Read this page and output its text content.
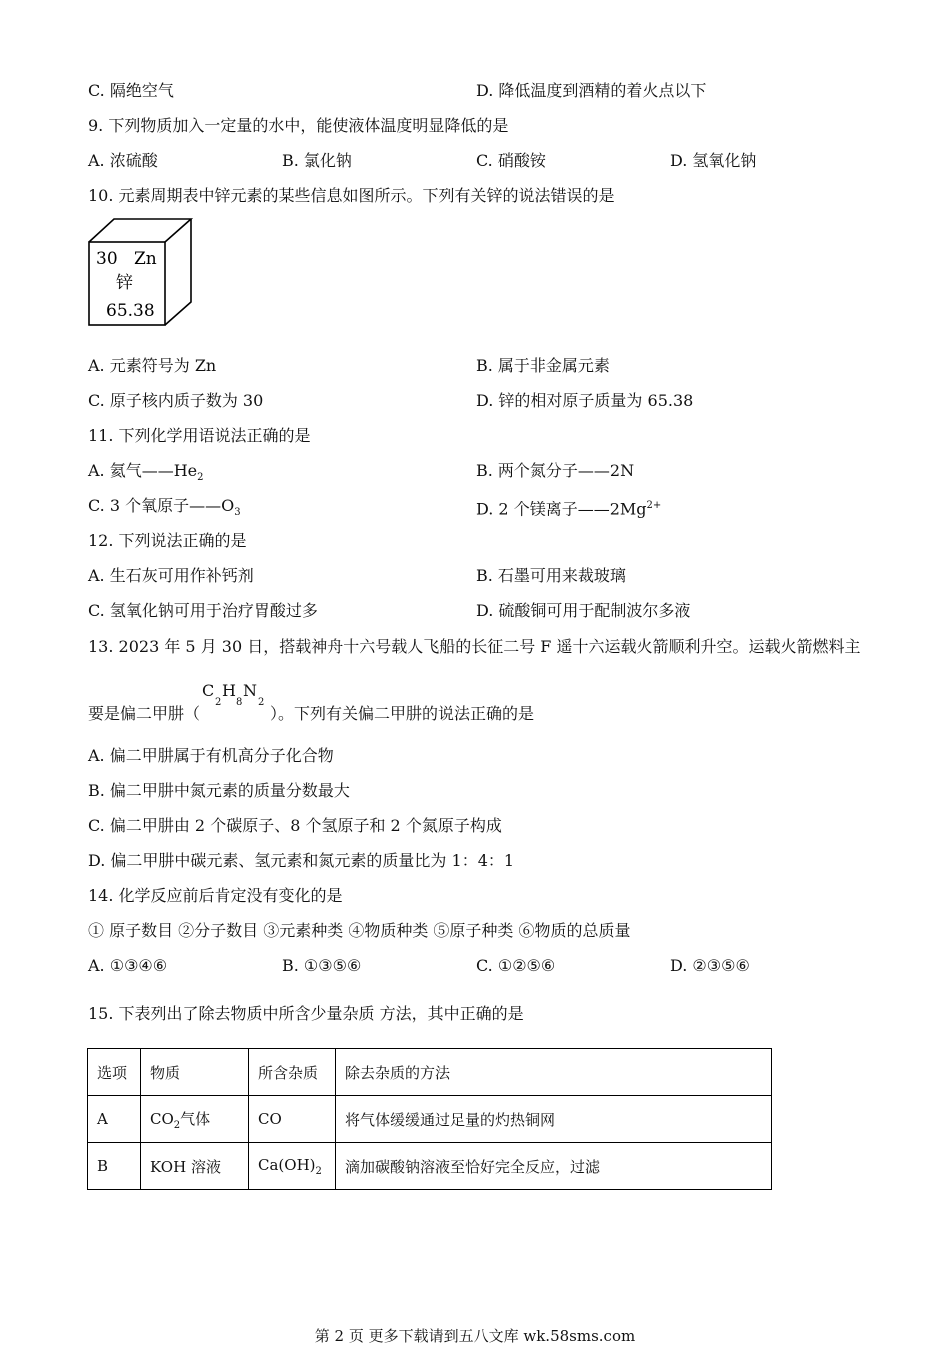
C. 隔绝空气	D. 降低温度到酒精的着火点以下
9. 下列物质加入一定量的水中，能使液体温度明显降低的是
A. 浓硫酸	B. 氯化钠	C. 硝酸铵	D. 氢氧化钠
10. 元素周期表中锌元素的某些信息如图所示。下列有关锌的说法错误的是
30 Zn
锌
65.38
A. 元素符号为 Zn	B. 属于非金属元素
C. 原子核内质子数为 30	D. 锌的相对原子质量为 65.38
11. 下列化学用语说法正确的是
A. 氦气$——He_2$	B. 两个氮分子——2N
C. 3 个氧原子$——O_3$	D. 2 个镁离子$——2Mg^{2+}$
12. 下列说法正确的是
A. 生石灰可用作补钙剂	B. 石墨可用来裁玻璃
C. 氢氧化钠可用于治疗胃酸过多	D. 硫酸铜可用于配制波尔多液
13. 2023 年 5 月 30 日，搭载神舟十六号载人飞船的长征二号 F 遥十六运载火箭顺利升空。运载火箭燃料主
要是偏二甲肼（
C
2
H
8
N
2
）。下列有关偏二甲肼的说法正确的是
A. 偏二甲肼属于有机高分子化合物
B. 偏二甲肼中氮元素的质量分数最大
C. 偏二甲肼由 2 个碳原子、8 个氢原子和 2 个氮原子构成
D. 偏二甲肼中碳元素、氢元素和氮元素的质量比为 1：4：1
14. 化学反应前后肯定没有变化的是
① 原子数目 ②分子数目 ③元素种类 ④物质种类 ⑤原子种类 ⑥物质的总质量
A. ①③④⑥	B. ①③⑤⑥	C. ①②⑤⑥	D. ②③⑤⑥
15. 下表列出了除去物质中所含少量杂质 方法，其中正确的是
选项	物质	所含杂质	除去杂质的方法
A	$CO_2$气体	CO	将气体缓缓通过足量的灼热铜网
B	KOH 溶液	$Ca(OH)_2$	滴加碳酸钠溶液至恰好完全反应，过滤
第 2 页 更多下载请到五八文库 wk.58sms.com
